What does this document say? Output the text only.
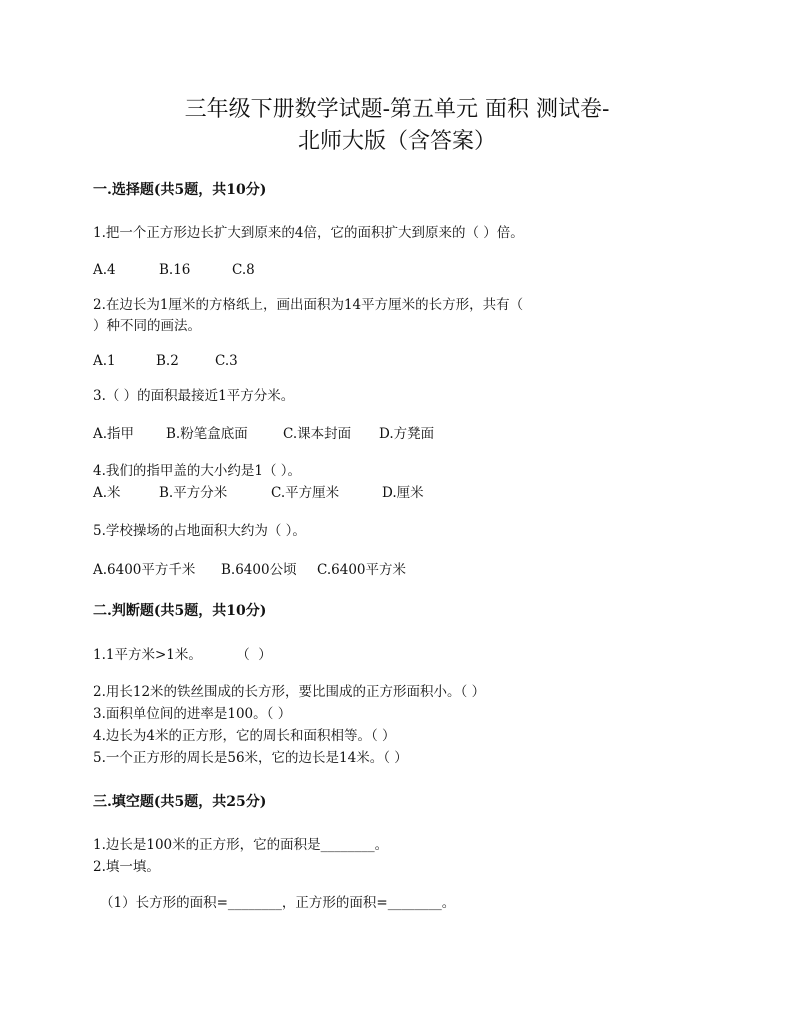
三年级下册数学试题-第五单元 面积 测试卷-
北师大版（含答案）
一.选择题(共5题，共10分)
1.把一个正方形边长扩大到原来的4倍，它的面积扩大到原来的（ ）倍。
A.4	B.16	C.8
2.在边长为1厘米的方格纸上，画出面积为14平方厘米的长方形，共有（
）种不同的画法。
A.1	B.2	C.3
3.（ ）的面积最接近1平方分米。
A.指甲 B.粉笔盒底面	C.课本封面 D.方凳面
4.我们的指甲盖的大小约是1（ ）。
A.米	B.平方分米	C.平方厘米	D.厘米
5.学校操场的占地面积大约为（ ）。
A.6400平方千米 B.6400公顷 C.6400平方米
二.判断题(共5题，共10分)
1.1平方米>1米。        （  ）
2.用长12米的铁丝围成的长方形，要比围成的正方形面积小。（ ）
3.面积单位间的进率是100。（ ）
4.边长为4米的正方形，它的周长和面积相等。（ ）
5.一个正方形的周长是56米，它的边长是14米。（ ）
三.填空题(共5题，共25分)
1.边长是100米的正方形，它的面积是________。
2.填一填。
（1）长方形的面积=________，正方形的面积=________。
